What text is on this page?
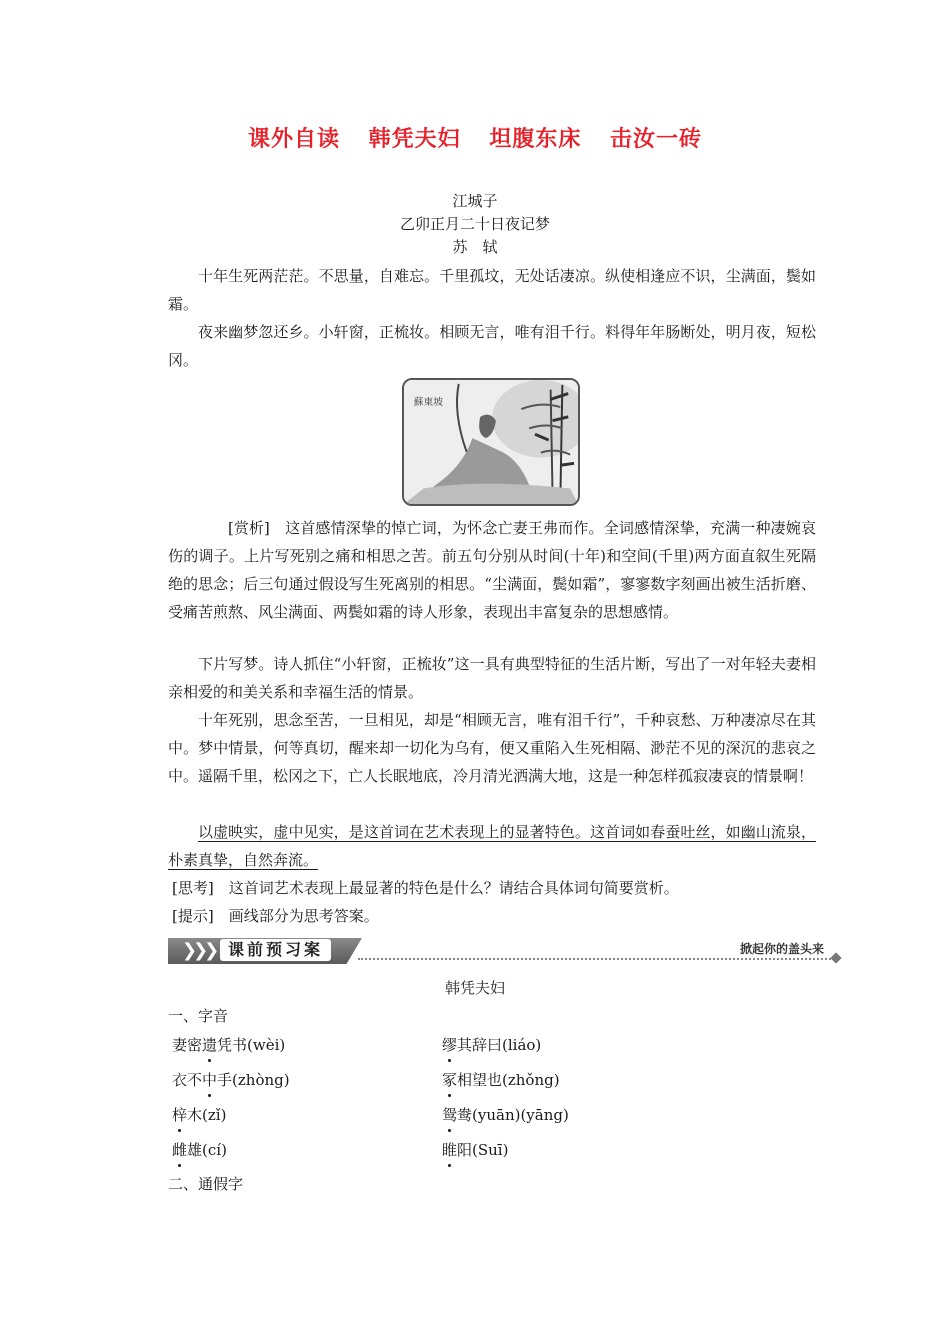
课外自读 韩凭夫妇 坦腹东床 击汝一砖
江城子
乙卯正月二十日夜记梦
苏　轼
十年生死两茫茫。不思量，自难忘。千里孤坟，无处话凄凉。纵使相逢应不识，尘满面，鬓如霜。
夜来幽梦忽还乡。小轩窗，正梳妆。相顾无言，唯有泪千行。料得年年肠断处，明月夜，短松冈。
蘇東坡
[赏析]　 这首感情深挚的悼亡词，为怀念亡妻王弗而作。全词感情深挚，充满一种凄婉哀伤的调子。上片写死别之痛和相思之苦。前五句分别从时间(十年)和空间(千里)两方面直叙生死隔绝的思念；后三句通过假设写生死离别的相思。“尘满面，鬓如霜”，寥寥数字刻画出被生活折磨、受痛苦煎熬、风尘满面、两鬓如霜的诗人形象，表现出丰富复杂的思想感情。
下片写梦。诗人抓住“小轩窗，正梳妆”这一具有典型特征的生活片断，写出了一对年轻夫妻相亲相爱的和美关系和幸福生活的情景。
十年死别，思念至苦，一旦相见，却是“相顾无言，唯有泪千行”，千种哀愁、万种凄凉尽在其中。梦中情景，何等真切，醒来却一切化为乌有，便又重陷入生死相隔、渺茫不见的深沉的悲哀之中。遥隔千里，松冈之下，亡人长眠地底，冷月清光洒满大地，这是一种怎样孤寂凄哀的情景啊！
以虚映实，虚中见实，是这首词在艺术表现上的显著特色。这首词如春蚕吐丝，如幽山流泉，朴素真挚，自然奔流。
[思考]　 这首词艺术表现上最显著的特色是什么？请结合具体词句简要赏析。
[提示]　 画线部分为思考答案。
掀起你的盖头来
❯❯❯ 课前预习案
韩凭夫妇
一、字音
妻密遗凭书(wèi)
衣不中手(zhòng)
梓木(zǐ)
雌雄(cí)
缪其辞曰(liáo)
冢相望也(zhǒng)
鸳鸯(yuān)(yāng)
睢阳(Suī)
二、通假字
